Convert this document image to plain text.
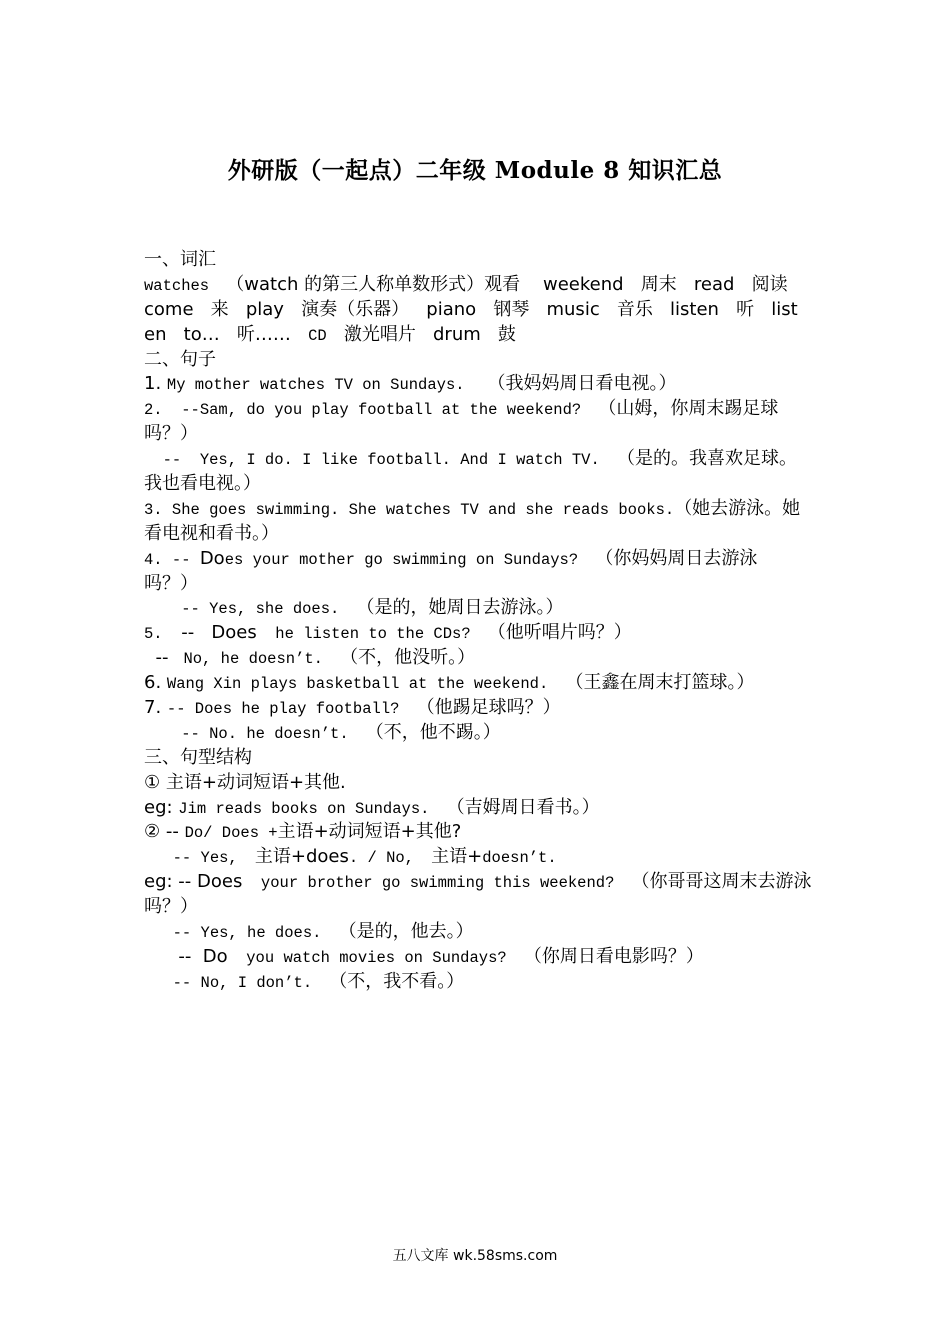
外研版（一起点）二年级 Module 8 知识汇总
一、词汇
watches   （watch 的第三人称单数形式）观看    weekend   周末   read   阅读
come   来   play   演奏（乐器）   piano   钢琴   music   音乐   listen   听   list
en   to…   听……   CD   激光唱片   drum   鼓
二、句子
1. My mother watches TV on Sundays.    （我妈妈周日看电视。）
2.  --Sam, do you play football at the weekend?   （山姆，你周末踢足球
吗？）
--  Yes, I do. I like football. And I watch TV.   （是的。我喜欢足球。
我也看电视。）
3. She goes swimming. She watches TV and she reads books.（她去游泳。她
看电视和看书。）
4. -- Does your mother go swimming on Sundays?   （你妈妈周日去游泳
吗？）
-- Yes, she does.   （是的，她周日去游泳。）
5.  --   Does  he listen to the CDs?   （他听唱片吗？）
--  No, he doesn’t.   （不，他没听。）
6. Wang Xin plays basketball at the weekend.   （王鑫在周末打篮球。）
7. -- Does he play football?   （他踢足球吗？）
-- No. he doesn’t.   （不，他不踢。）
三、句型结构
① 主语+动词短语+其他.
eg: Jim reads books on Sundays.   （吉姆周日看书。）
② -- Do/ Does +主语+动词短语+其他?
-- Yes,   主语+does. / No,   主语+doesn’t.
eg: -- Does  your brother go swimming this weekend?   （你哥哥这周末去游泳
吗？）
-- Yes, he does.   （是的，他去。）
--  Do  you watch movies on Sundays?   （你周日看电影吗？）
-- No, I don’t.   （不，我不看。）
五八文库 wk.58sms.com
